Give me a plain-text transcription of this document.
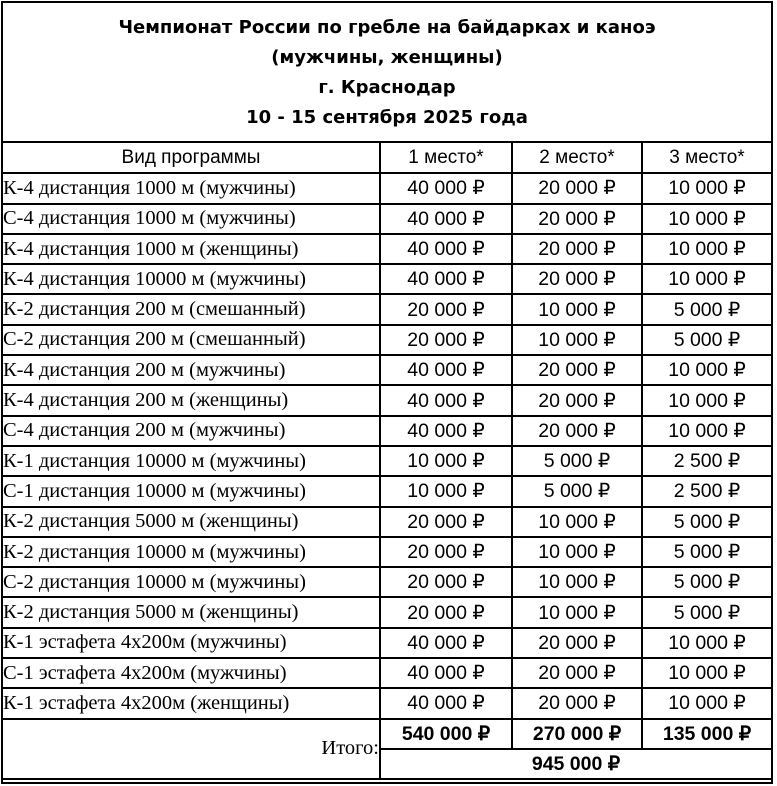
Чемпионат России по гребле на байдарках и каноэ
(мужчины, женщины)
г. Краснодар
10 - 15 сентября 2025 года
Вид программы	1 место*	2 место*	3 место*
К-4 дистанция 1000 м (мужчины)	40 000 ₽	20 000 ₽	10 000 ₽
С-4 дистанция 1000 м (мужчины)	40 000 ₽	20 000 ₽	10 000 ₽
К-4 дистанция 1000 м (женщины)	40 000 ₽	20 000 ₽	10 000 ₽
К-4 дистанция 10000 м (мужчины)	40 000 ₽	20 000 ₽	10 000 ₽
К-2 дистанция 200 м (смешанный)	20 000 ₽	10 000 ₽	5 000 ₽
С-2 дистанция 200 м (смешанный)	20 000 ₽	10 000 ₽	5 000 ₽
К-4 дистанция 200 м (мужчины)	40 000 ₽	20 000 ₽	10 000 ₽
К-4 дистанция 200 м (женщины)	40 000 ₽	20 000 ₽	10 000 ₽
С-4 дистанция 200 м (мужчины)	40 000 ₽	20 000 ₽	10 000 ₽
К-1 дистанция 10000 м (мужчины)	10 000 ₽	5 000 ₽	2 500 ₽
С-1 дистанция 10000 м (мужчины)	10 000 ₽	5 000 ₽	2 500 ₽
К-2 дистанция 5000 м (женщины)	20 000 ₽	10 000 ₽	5 000 ₽
К-2 дистанция 10000 м (мужчины)	20 000 ₽	10 000 ₽	5 000 ₽
С-2 дистанция 10000 м (мужчины)	20 000 ₽	10 000 ₽	5 000 ₽
К-2 дистанция 5000 м (женщины)	20 000 ₽	10 000 ₽	5 000 ₽
К-1 эстафета 4х200м (мужчины)	40 000 ₽	20 000 ₽	10 000 ₽
С-1 эстафета 4х200м (мужчины)	40 000 ₽	20 000 ₽	10 000 ₽
К-1 эстафета 4х200м (женщины)	40 000 ₽	20 000 ₽	10 000 ₽
Итого:	540 000 ₽	270 000 ₽	135 000 ₽
	945 000 ₽		
